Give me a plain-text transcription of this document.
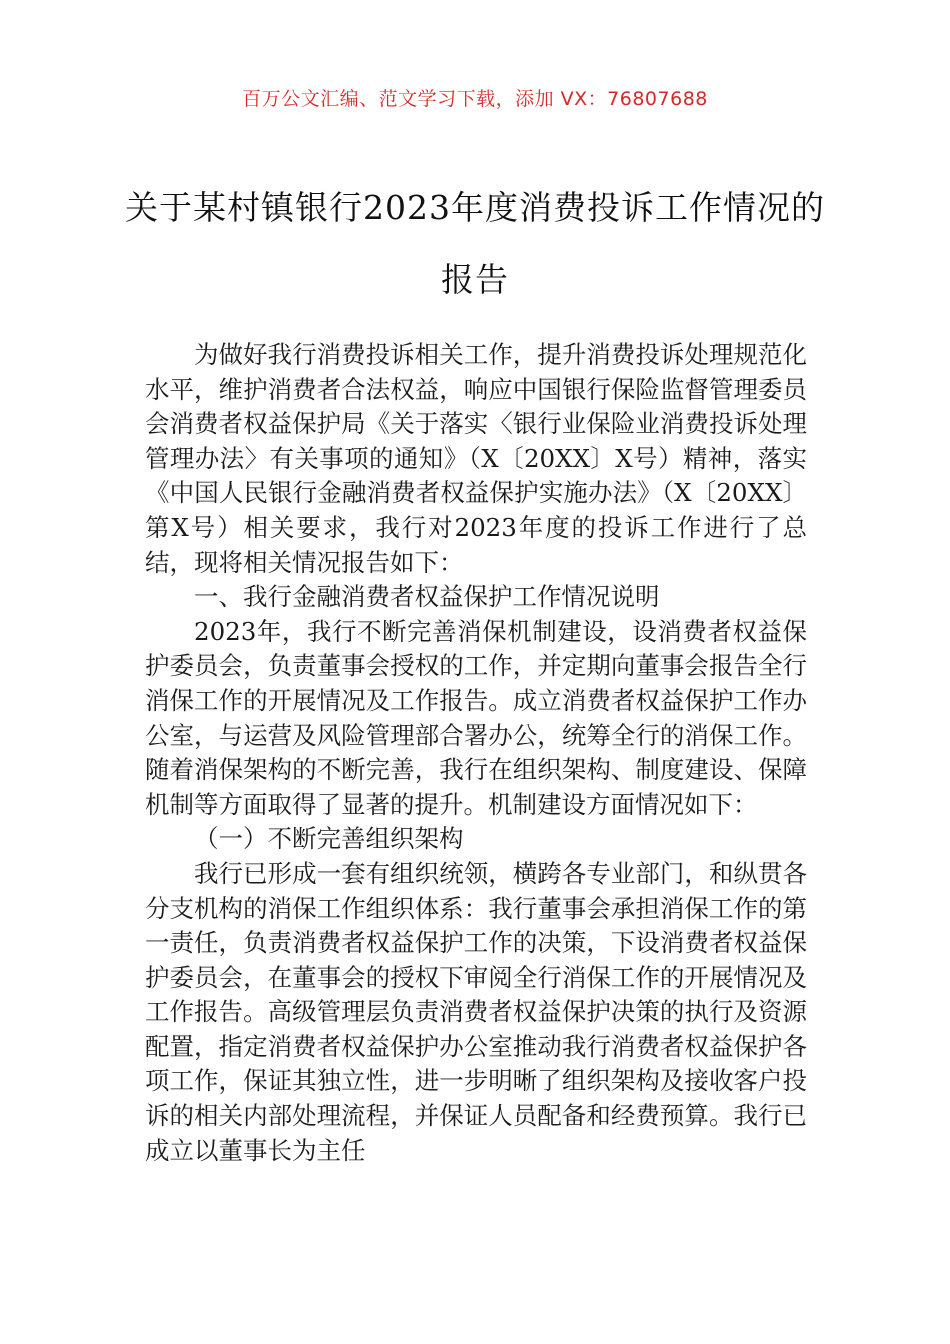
百万公文汇编、范文学习下载，添加 VX：76807688
关于某村镇银行2023年度消费投诉工作情况的报告

为做好我行消费投诉相关工作，提升消费投诉处理规范化水平，维护消费者合法权益，响应中国银行保险监督管理委员会消费者权益保护局《关于落实〈银行业保险业消费投诉处理管理办法〉有关事项的通知》（X〔20XX〕X号）精神，落实《中国人民银行金融消费者权益保护实施办法》（X〔20XX〕第X号）相关要求，我行对2023年度的投诉工作进行了总结，现将相关情况报告如下：

一、我行金融消费者权益保护工作情况说明

2023年，我行不断完善消保机制建设，设消费者权益保护委员会，负责董事会授权的工作，并定期向董事会报告全行消保工作的开展情况及工作报告。成立消费者权益保护工作办公室，与运营及风险管理部合署办公，统筹全行的消保工作。随着消保架构的不断完善，我行在组织架构、制度建设、保障机制等方面取得了显著的提升。机制建设方面情况如下：

（一）不断完善组织架构

我行已形成一套有组织统领，横跨各专业部门，和纵贯各分支机构的消保工作组织体系：我行董事会承担消保工作的第一责任，负责消费者权益保护工作的决策，下设消费者权益保护委员会，在董事会的授权下审阅全行消保工作的开展情况及工作报告。高级管理层负责消费者权益保护决策的执行及资源配置，指定消费者权益保护办公室推动我行消费者权益保护各项工作，保证其独立性，进一步明晰了组织架构及接收客户投诉的相关内部处理流程，并保证人员配备和经费预算。我行已成立以董事长为主任
